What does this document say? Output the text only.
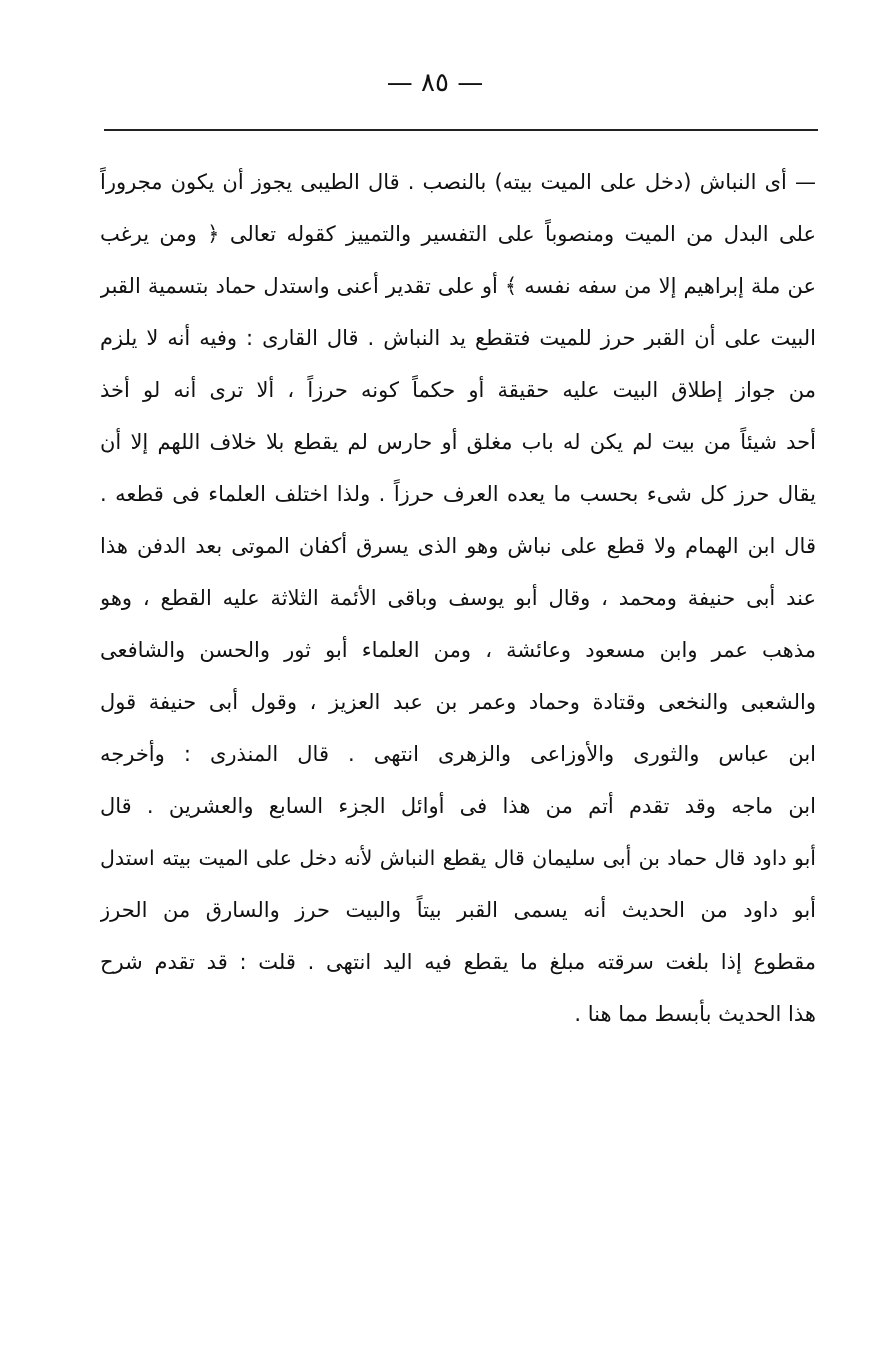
— ٨٥ —
— أى النباش (دخل على الميت بيته) بالنصب . قال الطيبى يجوز أن يكون مجروراً
على البدل من الميت ومنصوباً على التفسير والتمييز كقوله تعالى ﴿ ومن يرغب
عن ملة إبراهيم إلا من سفه نفسه ﴾ أو على تقدير أعنى واستدل حماد بتسمية القبر
البيت على أن القبر حرز للميت فتقطع يد النباش . قال القارى : وفيه أنه لا يلزم
من جواز إطلاق البيت عليه حقيقة أو حكماً كونه حرزاً ، ألا ترى أنه لو أخذ
أحد شيئاً من بيت لم يكن له باب مغلق أو حارس لم يقطع بلا خلاف اللهم إلا أن
يقال حرز كل شىء بحسب ما يعده العرف حرزاً . ولذا اختلف العلماء فى قطعه .
قال ابن الهمام ولا قطع على نباش وهو الذى يسرق أكفان الموتى بعد الدفن هذا
عند أبى حنيفة ومحمد ، وقال أبو يوسف وباقى الأئمة الثلاثة عليه القطع ، وهو
مذهب عمر وابن مسعود وعائشة ، ومن العلماء أبو ثور والحسن والشافعى
والشعبى والنخعى وقتادة وحماد وعمر بن عبد العزيز ، وقول أبى حنيفة قول
ابن عباس والثورى والأوزاعى والزهرى انتهى . قال المنذرى : وأخرجه
ابن ماجه وقد تقدم أتم من هذا فى أوائل الجزء السابع والعشرين . قال
أبو داود قال حماد بن أبى سليمان قال يقطع النباش لأنه دخل على الميت بيته استدل
أبو داود من الحديث أنه يسمى القبر بيتاً والبيت حرز والسارق من الحرز
مقطوع إذا بلغت سرقته مبلغ ما يقطع فيه اليد انتهى . قلت : قد تقدم شرح
هذا الحديث بأبسط مما هنا .
